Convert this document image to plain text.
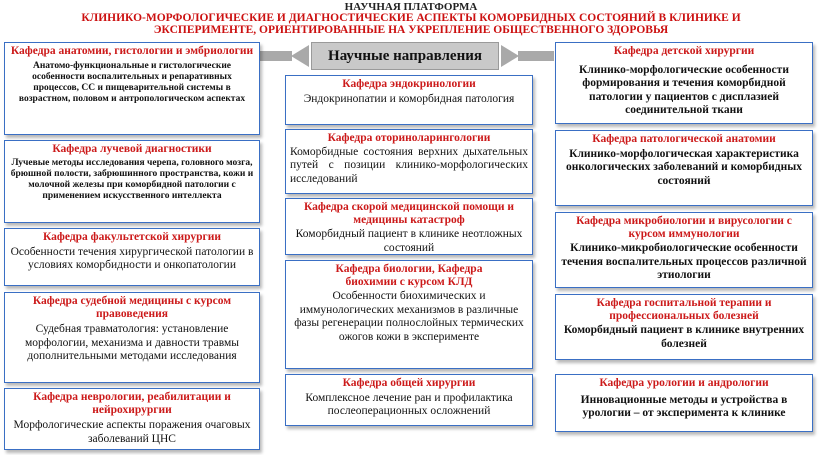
НАУЧНАЯ ПЛАТФОРМА
КЛИНИКО-МОРФОЛОГИЧЕСКИЕ И ДИАГНОСТИЧЕСКИЕ АСПЕКТЫ КОМОРБИДНЫХ СОСТОЯНИЙ В КЛИНИКЕ И
ЭКСПЕРИМЕНТЕ, ОРИЕНТИРОВАННЫЕ НА УКРЕПЛЕНИЕ ОБЩЕСТВЕННОГО ЗДОРОВЬЯ
Научные направления
Кафедра анатомии, гистологии и эмбриологии
Анатомо-функциональные и гистологические особенности воспалительных и репаративных процессов, СС и пищеварительной системы в возрастном, половом и антропологическом аспектах
Кафедра лучевой диагностики
Лучевые методы исследования черепа, головного мозга, брюшной полости, забрюшинного пространства, кожи и молочной железы при коморбидной патологии с применением искусственного интеллекта
Кафедра факультетской хирургии
Особенности течения хирургической патологии в условиях коморбидности и онкопатологии
Кафедра судебной медицины с курсом правоведения
Судебная травматология: установление морфологии, механизма и давности травмы дополнительными методами исследования
Кафедра неврологии, реабилитации и нейрохирургии
Морфологические аспекты поражения очаговых заболеваний ЦНС
Кафедра эндокринологии
Эндокринопатии и коморбидная патология
Кафедра оториноларингологии
Коморбидные состояния верхних дыхательных путей с позиции клинико-морфологических исследований
Кафедра скорой медицинской помощи и медицины катастроф
Коморбидный пациент в клинике неотложных состояний
Кафедра биологии, Кафедра биохимии с курсом КЛД
Особенности биохимических и иммунологических механизмов в различные фазы регенерации полнослойных термических ожогов кожи в эксперименте
Кафедра общей хирургии
Комплексное лечение ран и профилактика послеоперационных осложнений
Кафедра детской хирургии
Клинико-морфологические особенности формирования и течения коморбидной патологии у пациентов с дисплазией соединительной ткани
Кафедра патологической анатомии
Клинико-морфологическая характеристика онкологических заболеваний и коморбидных состояний
Кафедра микробиологии и вирусологии с курсом иммунологии
Клинико-микробиологические особенности течения воспалительных процессов различной этиологии
Кафедра госпитальной терапии и профессиональных болезней
Коморбидный пациент в клинике внутренних болезней
Кафедра урологии и андрологии
Инновационные методы и устройства в урологии – от эксперимента к клинике
